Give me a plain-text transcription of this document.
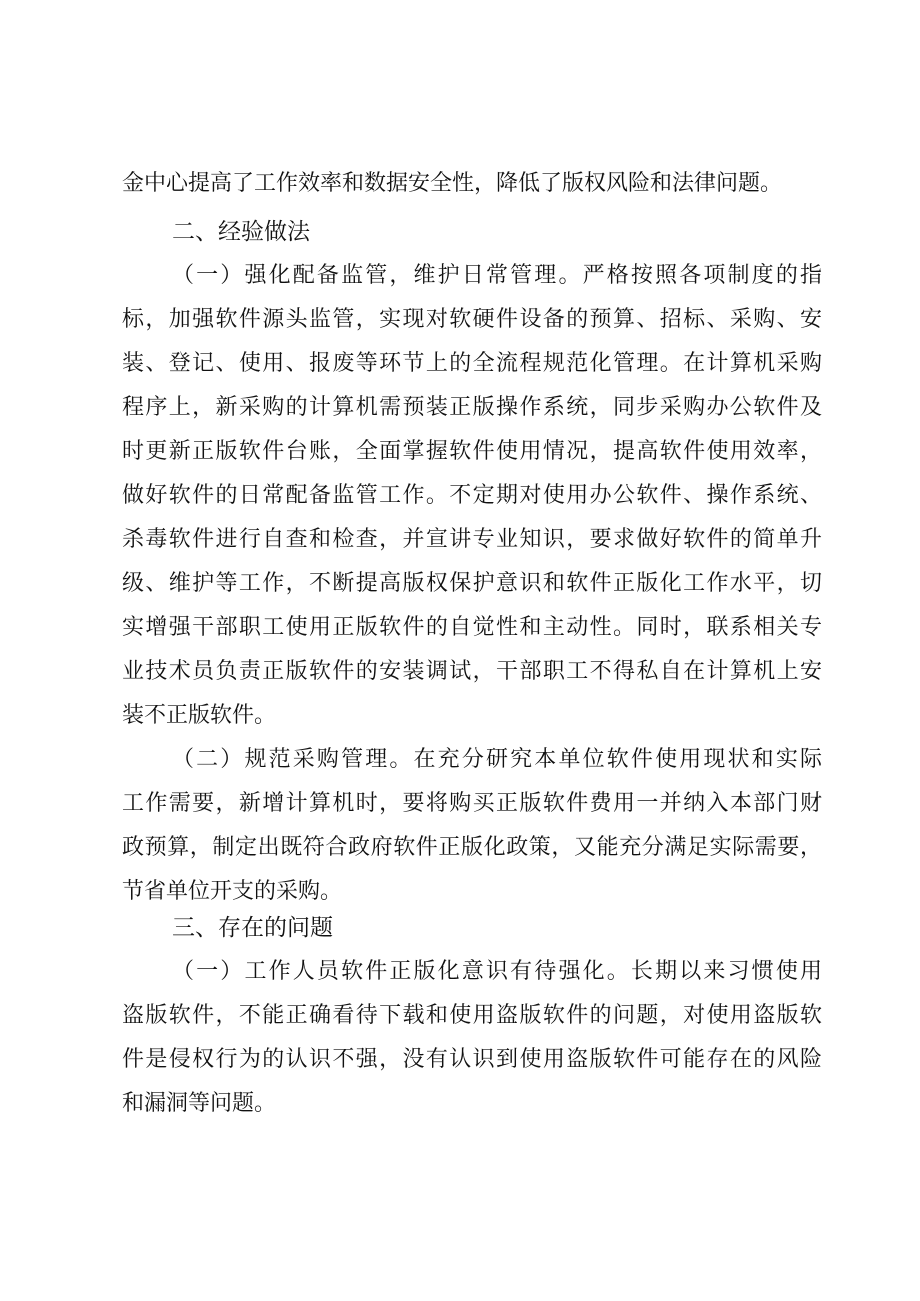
金中心提高了工作效率和数据安全性，降低了版权风险和法律问题。
二、经验做法
（一）强化配备监管，维护日常管理。严格按照各项制度的指
标，加强软件源头监管，实现对软硬件设备的预算、招标、采购、安
装、登记、使用、报废等环节上的全流程规范化管理。在计算机采购
程序上，新采购的计算机需预装正版操作系统，同步采购办公软件及
时更新正版软件台账，全面掌握软件使用情况，提高软件使用效率，
做好软件的日常配备监管工作。不定期对使用办公软件、操作系统、
杀毒软件进行自查和检查，并宣讲专业知识，要求做好软件的简单升
级、维护等工作，不断提高版权保护意识和软件正版化工作水平，切
实增强干部职工使用正版软件的自觉性和主动性。同时，联系相关专
业技术员负责正版软件的安装调试，干部职工不得私自在计算机上安
装不正版软件。
（二）规范采购管理。在充分研究本单位软件使用现状和实际
工作需要，新增计算机时，要将购买正版软件费用一并纳入本部门财
政预算，制定出既符合政府软件正版化政策，又能充分满足实际需要，
节省单位开支的采购。
三、存在的问题
（一）工作人员软件正版化意识有待强化。长期以来习惯使用
盗版软件，不能正确看待下载和使用盗版软件的问题，对使用盗版软
件是侵权行为的认识不强，没有认识到使用盗版软件可能存在的风险
和漏洞等问题。
